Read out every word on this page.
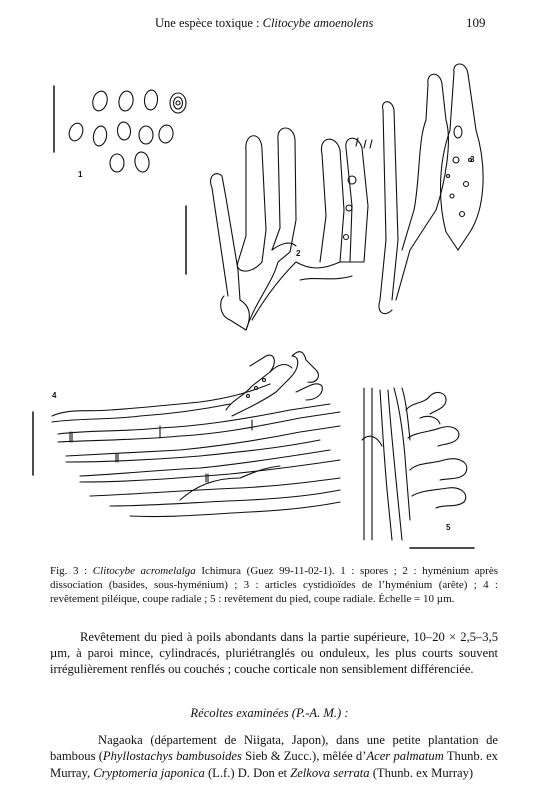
Une espèce toxique : Clitocybe amoenolens	109
1
2
3
4
5
Fig. 3 : Clitocybe acromelalga Ichimura (Guez 99-11-02-1). 1 : spores ; 2 : hyménium après dissociation (basides, sous-hyménium) ; 3 : articles cystidioïdes de l’hyménium (arête) ; 4 : revêtement piléique, coupe radiale ; 5 : revêtement du pied, coupe radiale. Échelle = 10 µm.

Revêtement du pied à poils abondants dans la partie supérieure, 10–20 × 2,5–3,5 µm, à paroi mince, cylindracés, pluriétranglés ou onduleux, les plus courts souvent irrégulièrement renflés ou couchés ; couche corticale non sensiblement différenciée.

Récoltes examinées (P.-A. M.) :

Nagaoka (département de Niigata, Japon), dans une petite plantation de bambous (Phyllostachys bambusoides Sieb & Zucc.), mêlée d’Acer palmatum Thunb. ex Murray, Cryptomeria japonica (L.f.) D. Don et Zelkova serrata (Thunb. ex Murray)
